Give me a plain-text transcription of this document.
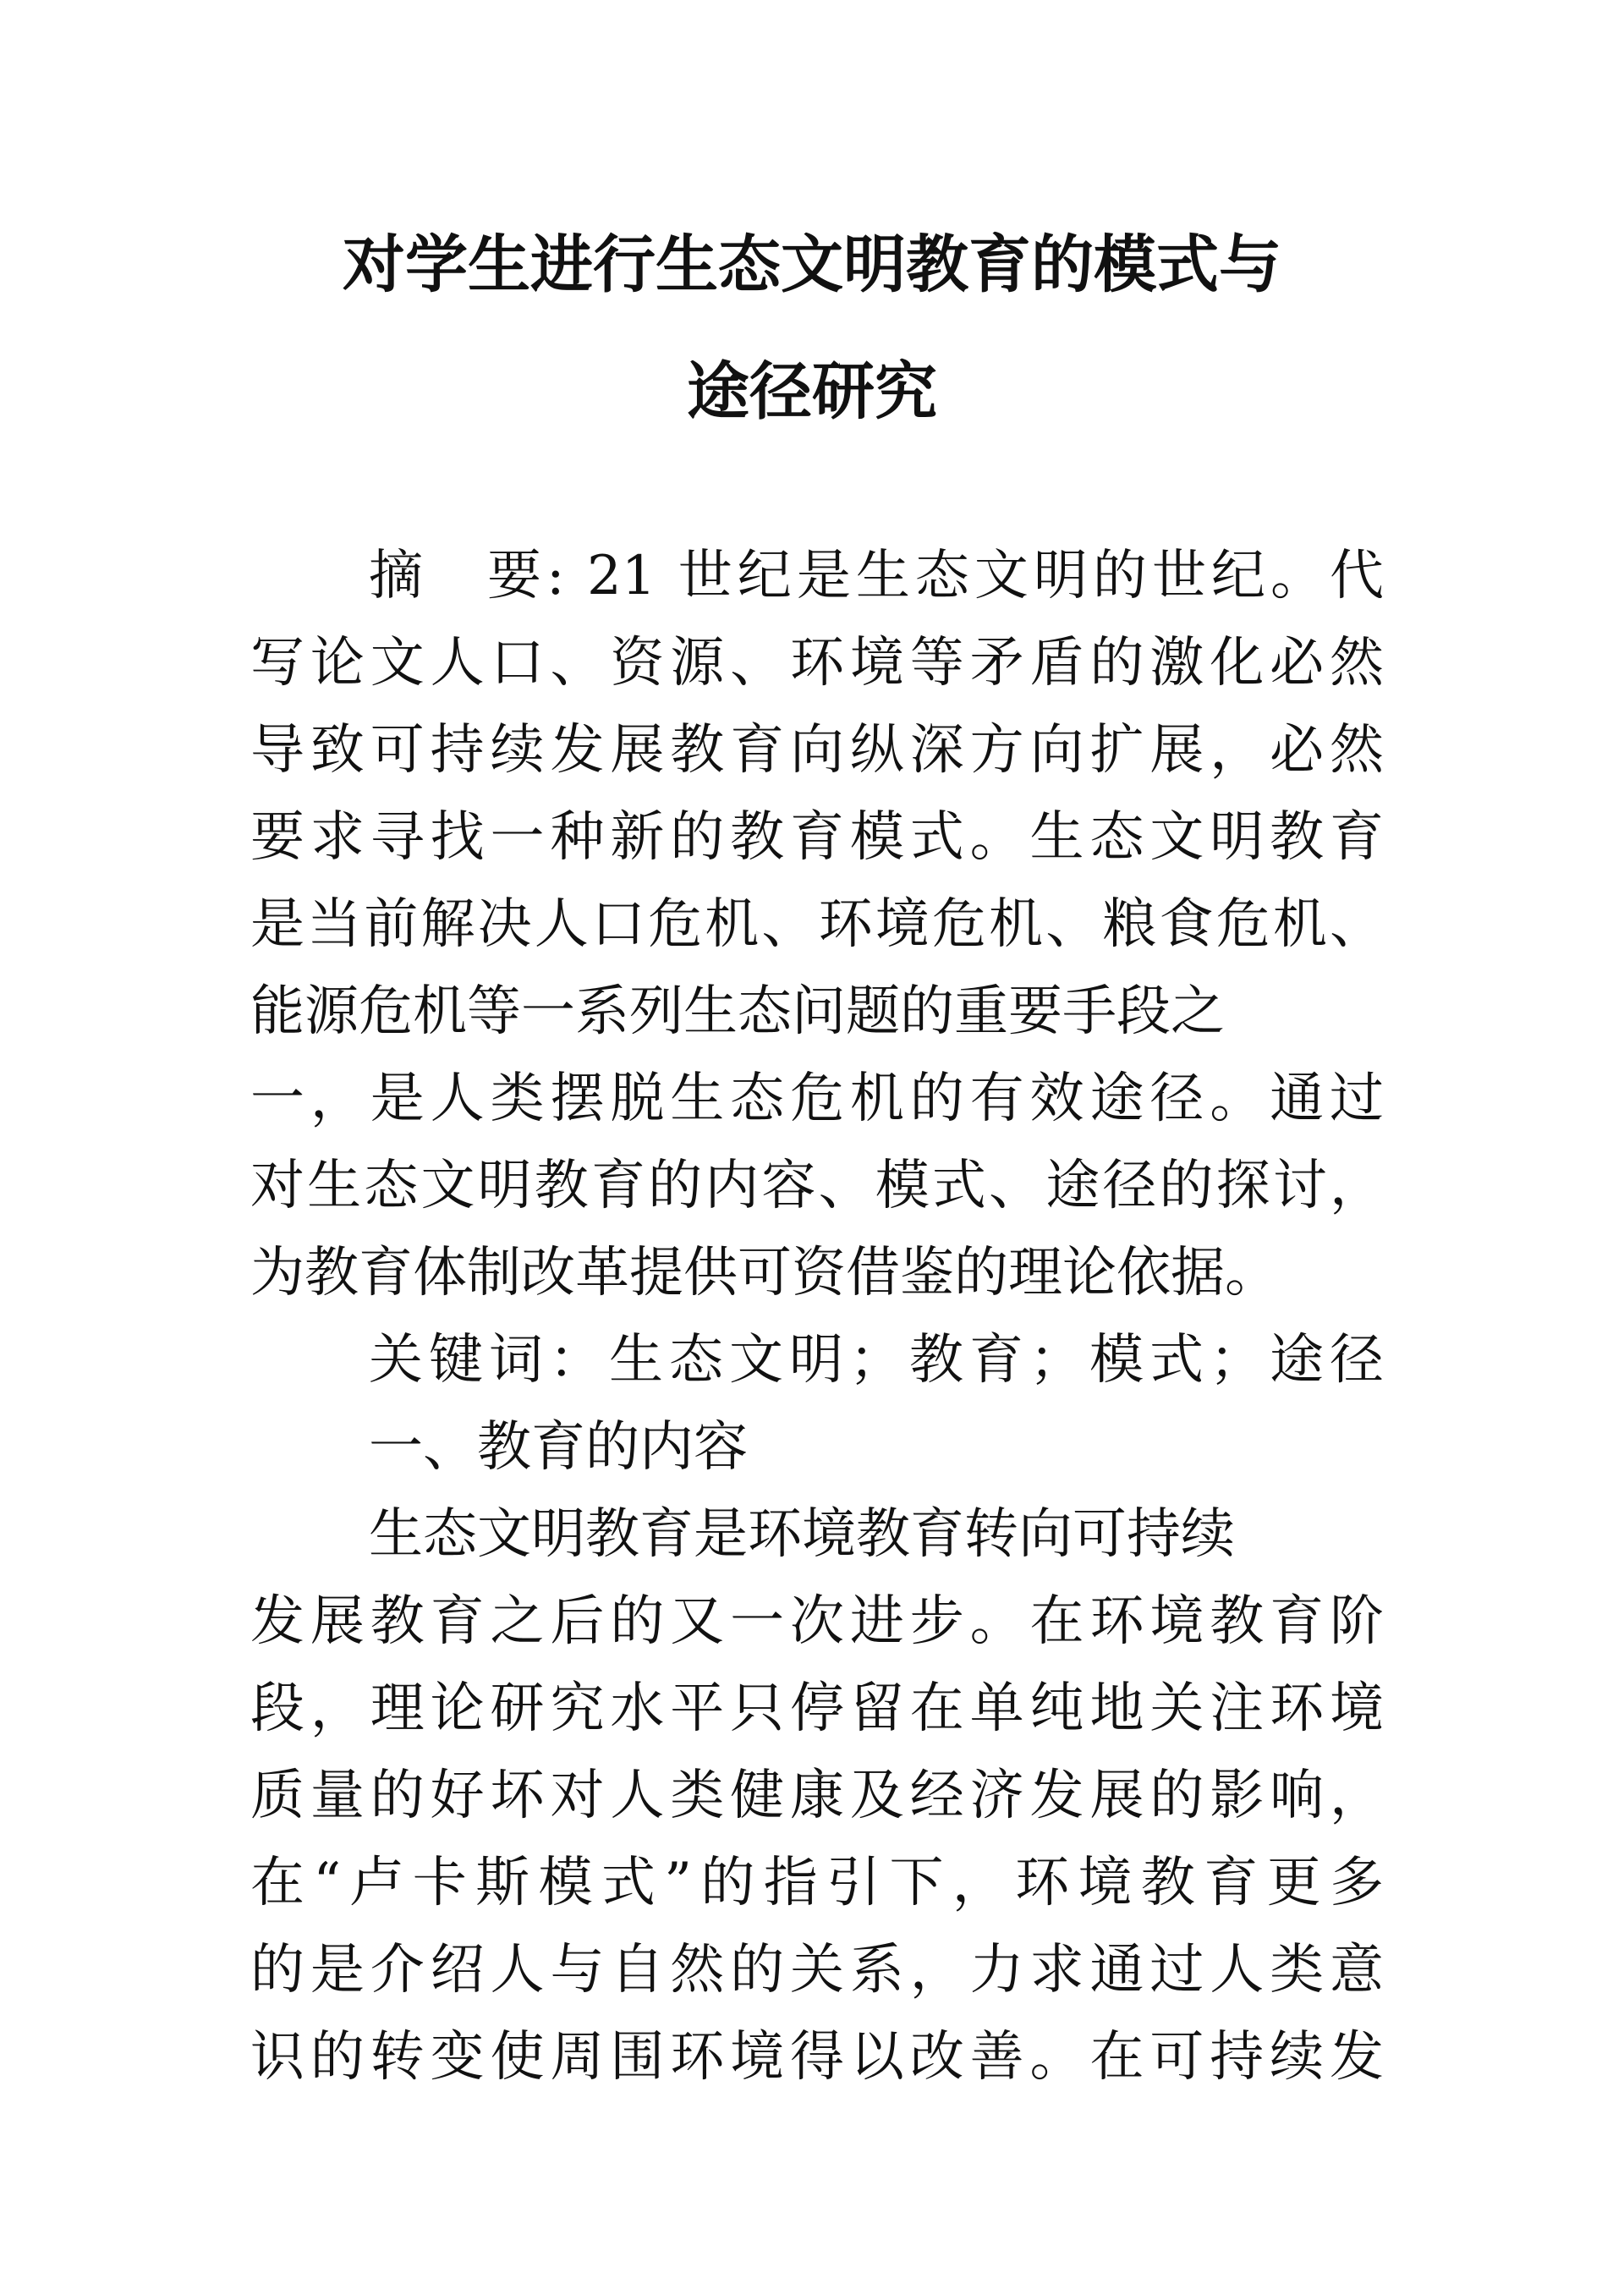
对学生进行生态文明教育的模式与
途径研究
摘　要: 21 世纪是生态文明的世纪。代
写论文人口、资源、环境等矛盾的激化必然
导致可持续发展教育向纵深方向扩展，必然
要求寻找一种新的教育模式。生态文明教育
是当前解决人口危机、环境危机、粮食危机、
能源危机等一系列生态问题的重要手段之
一，是人类摆脱生态危机的有效途径。通过
对生态文明教育的内容、模式、途径的探讨，
为教育体制改革提供可资借鉴的理论依据。
关键词：生态文明；教育；模式；途径
一、教育的内容
生态文明教育是环境教育转向可持续
发展教育之后的又一次进步。在环境教育阶
段，理论研究水平只停留在单纯地关注环境
质量的好坏对人类健康及经济发展的影响，
在“卢卡斯模式”的指引下，环境教育更多
的是介绍人与自然的关系，力求通过人类意
识的转变使周围环境得以改善。在可持续发
